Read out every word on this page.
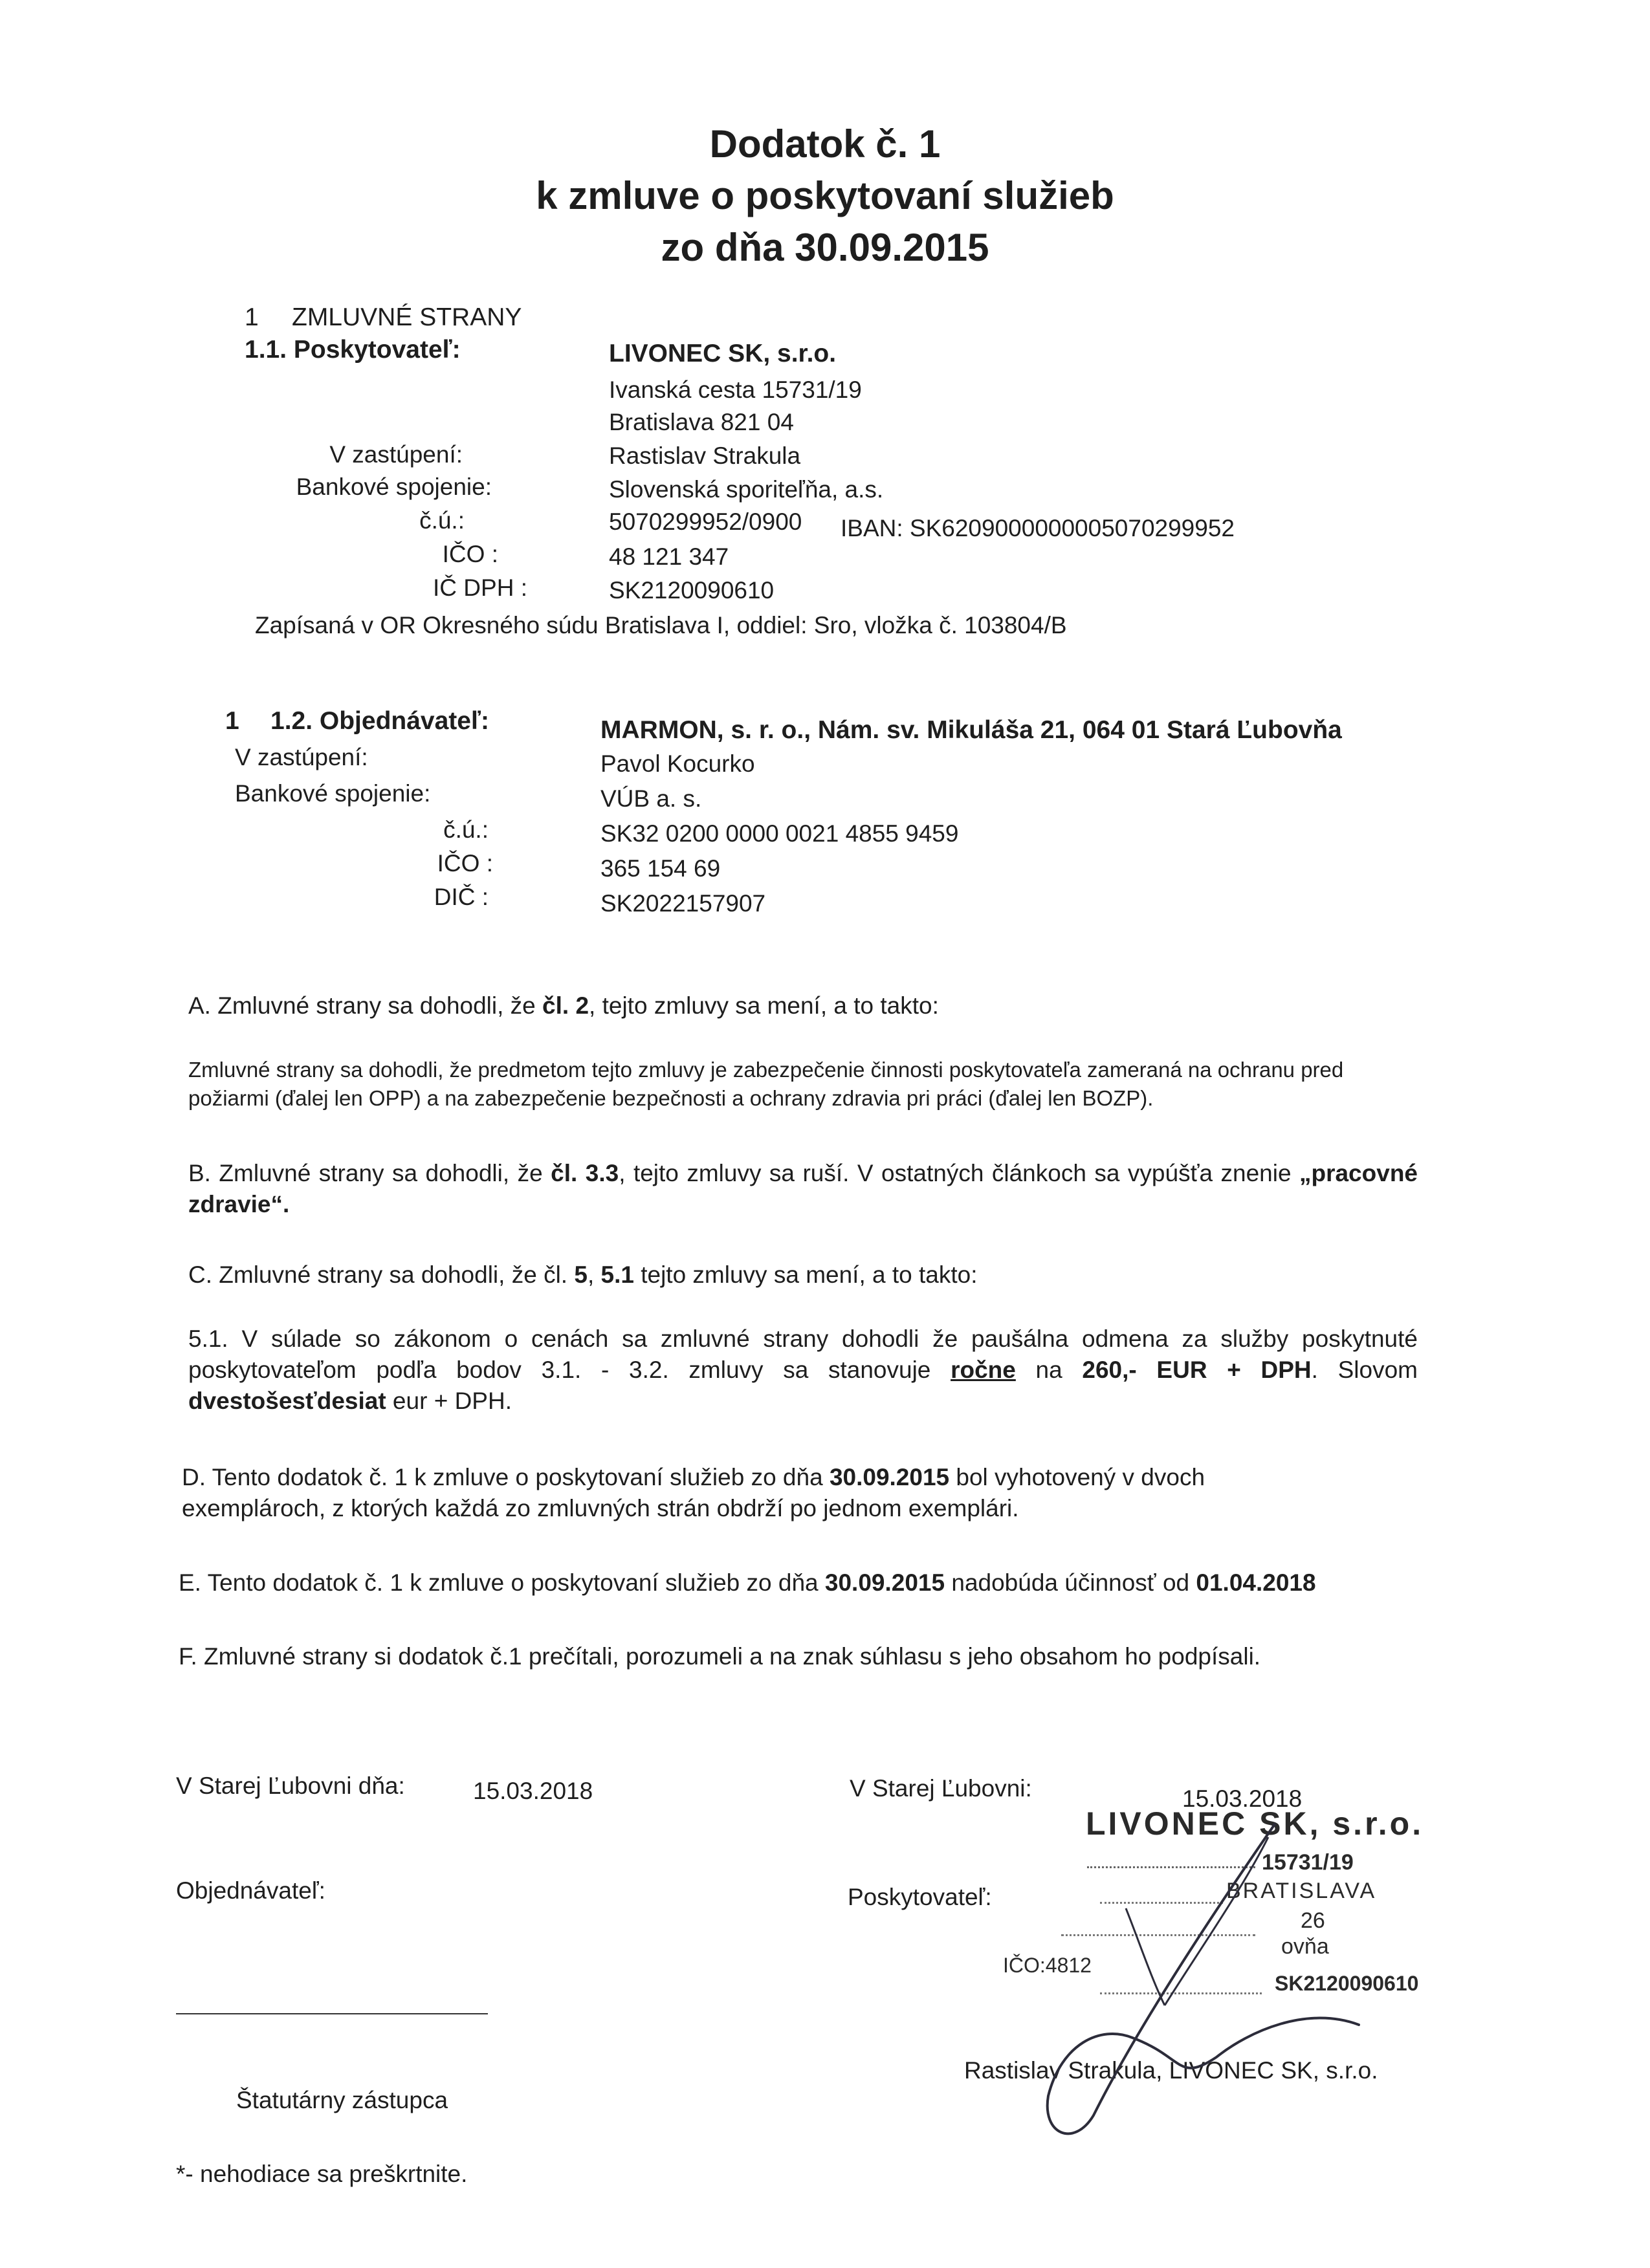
Dodatok č. 1
k zmluve o poskytovaní služieb
zo dňa 30.09.2015
1 ZMLUVNÉ STRANY
1.1. Poskytovateľ:	LIVONEC SK, s.r.o.
Ivanská cesta 15731/19
Bratislava 821 04
V zastúpení:	Rastislav Strakula
Bankové spojenie:	Slovenská sporiteľňa, a.s.
č.ú.:	5070299952/0900 IBAN: SK6209000000005070299952
IČO :	48 121 347
IČ DPH :	SK2120090610
Zapísaná v OR Okresného súdu Bratislava I, oddiel: Sro, vložka č. 103804/B
1 1.2. Objednávateľ:	MARMON, s. r. o., Nám. sv. Mikuláša 21, 064 01 Stará Ľubovňa
V zastúpení:	Pavol Kocurko
Bankové spojenie:	VÚB a. s.
č.ú.:	SK32 0200 0000 0021 4855 9459
IČO :	365 154 69
DIČ :	SK2022157907
A. Zmluvné strany sa dohodli, že čl. 2, tejto zmluvy sa mení, a to takto:
Zmluvné strany sa dohodli, že predmetom tejto zmluvy je zabezpečenie činnosti poskytovateľa zameraná na ochranu pred požiarmi (ďalej len OPP) a na zabezpečenie bezpečnosti a ochrany zdravia pri práci (ďalej len BOZP).
B. Zmluvné strany sa dohodli, že čl. 3.3, tejto zmluvy sa ruší. V ostatných článkoch sa vypúšťa znenie „pracovné zdravie“.
C. Zmluvné strany sa dohodli, že čl. 5, 5.1 tejto zmluvy sa mení, a to takto:
5.1. V súlade so zákonom o cenách sa zmluvné strany dohodli že paušálna odmena za služby poskytnuté poskytovateľom podľa bodov 3.1. - 3.2. zmluvy sa stanovuje ročne na 260,- EUR + DPH. Slovom dvestošesťdesiat eur + DPH.
D. Tento dodatok č. 1 k zmluve o poskytovaní služieb zo dňa 30.09.2015 bol vyhotovený v dvoch exemplároch, z ktorých každá zo zmluvných strán obdrží po jednom exemplári.
E. Tento dodatok č. 1 k zmluve o poskytovaní služieb zo dňa 30.09.2015 nadobúda účinnosť od 01.04.2018
F. Zmluvné strany si dodatok č.1 prečítali, porozumeli a na znak súhlasu s jeho obsahom ho podpísali.
V Starej Ľubovni dňa:	15.03.2018
Objednávateľ:
Štatutárny zástupca
*- nehodiace sa preškrtnite.
V Starej Ľubovni:	15.03.2018
Poskytovateľ:
Rastislav Strakula, LIVONEC SK, s.r.o.
LIVONEC SK, s.r.o.
15731/19
BRATISLAVA
26
ovňa
IČO:4812
SK2120090610
